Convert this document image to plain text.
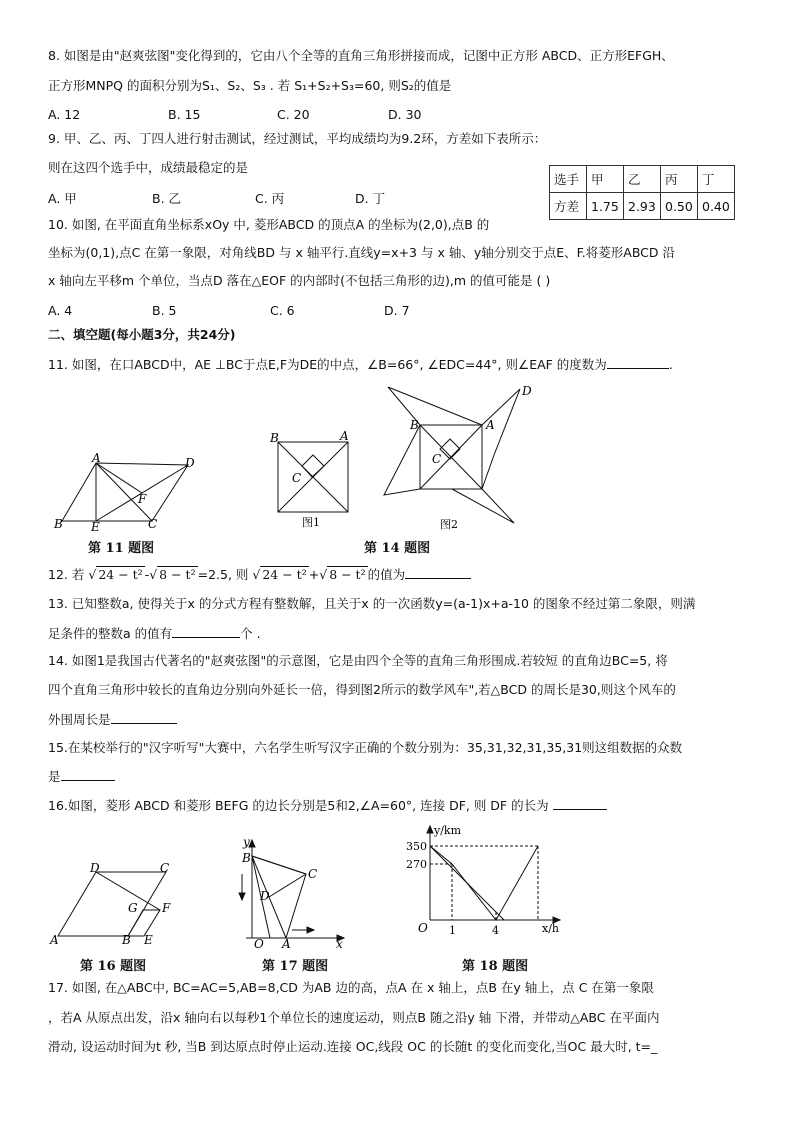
8. 如图是由"赵爽弦图"变化得到的，它由八个全等的直角三角形拼接而成，记图中正方形 ABCD、正方形EFGH、
正方形MNPQ 的面积分别为S₁、S₂、S₃ . 若 S₁+S₂+S₃=60, 则S₂的值是
A. 12	B. 15	C. 20	D. 30
9. 甲、乙、丙、丁四人进行射击测试，经过测试，平均成绩均为9.2环，方差如下表所示：
则在这四个选手中，成绩最稳定的是
A. 甲	B. 乙	C. 丙	D. 丁
选手	甲	乙	丙	丁
方差	1.75	2.93	0.50	0.40
10. 如图, 在平面直角坐标系xOy 中, 菱形ABCD 的顶点A 的坐标为(2,0),点B 的
坐标为(0,1),点C 在第一象限，对角线BD 与 x 轴平行.直线y=x+3 与 x 轴、y轴分别交于点E、F.将菱形ABCD 沿
x 轴向左平移m 个单位，当点D 落在△EOF 的内部时(不包括三角形的边),m 的值可能是 ( )
A. 4	B. 5	C. 6	D. 7
二、填空题(每小题3分，共24分)
11. 如图，在口ABCD中，AE ⊥BC于点E,F为DE的中点，∠B=66°, ∠EDC=44°, 则∠EAF 的度数为	.
A	D
F
B E	C
第 11 题图
B	A
C
图1
D
B	A
C
图2
第 14 题图
12. 若 √ 24 − t² -√ 8 − t² =2.5, 则 √ 24 − t² +√ 8 − t² 的值为
13. 已知整数a, 使得关于x 的分式方程有整数解，且关于x 的一次函数y=(a-1)x+a-10 的图象不经过第二象限，则满
足条件的整数a 的值有	个 .
14. 如图1是我国古代著名的"赵爽弦图"的示意图，它是由四个全等的直角三角形围成.若较短 的直角边BC=5, 将
四个直角三角形中较长的直角边分别向外延长一倍，得到图2所示的数学风车",若△BCD 的周长是30,则这个风车的
外围周长是
15.在某校举行的"汉字听写"大赛中，六名学生听写汉字正确的个数分别为：35,31,32,31,35,31则这组数据的众数
是
16.如图，菱形 ABCD 和菱形 BEFG 的边长分别是5和2,∠A=60°, 连接 DF, 则 DF 的长为
D	C
G F
A	B E
第 16 题图
y
B
C
D
O A	x
第 17 题图
y/km
350
270
O 1	4	x/h
第 18 题图
17. 如图, 在△ABC中, BC=AC=5,AB=8,CD 为AB 边的高，点A 在 x 轴上，点B 在y 轴上，点 C 在第一象限
，若A 从原点出发，沿x 轴向右以每秒1个单位长的速度运动，则点B 随之沿y 轴 下滑，并带动△ABC 在平面内
滑动, 设运动时间为t 秒, 当B 到达原点时停止运动.连接 OC,线段 OC 的长随t 的变化而变化,当OC 最大时, t=_
